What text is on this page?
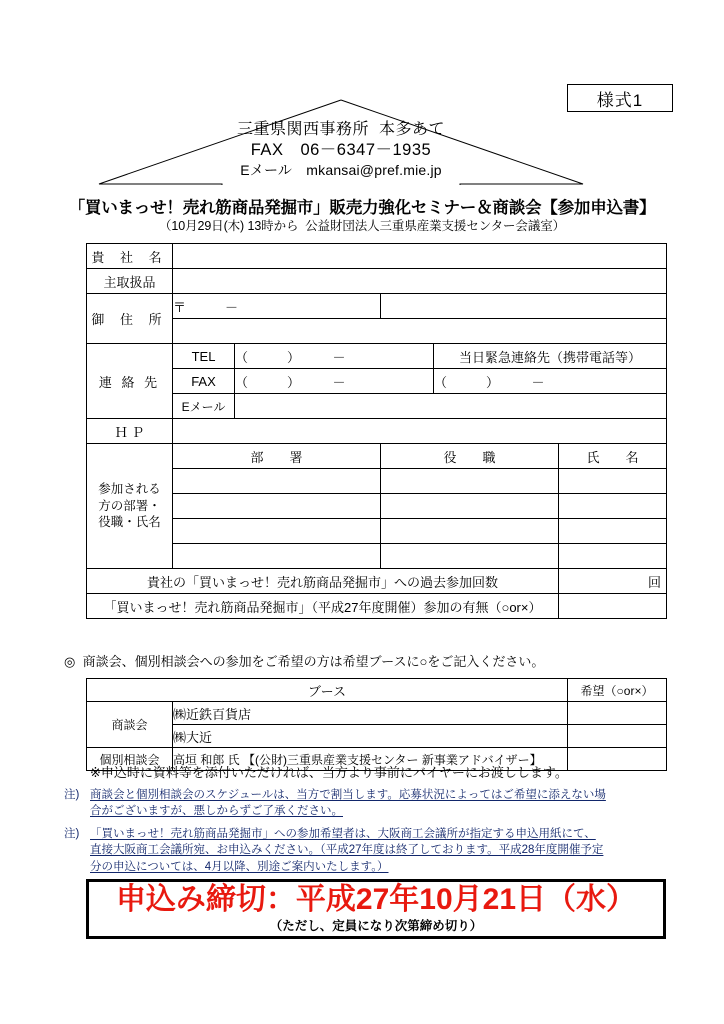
様式1
三重県関西事務所  本多あて
FAX　06－6347－1935
Eメール　mkansai@pref.mie.jp
「買いまっせ！売れ筋商品発掘市」販売力強化セミナー＆商談会【参加申込書】
（10月29日(木) 13時から  公益財団法人三重県産業支援センター会議室）
貴 社 名					
主取扱品					
御 住 所	〒　　　－				

連 絡 先	TEL	（　　　）　　　－		当日緊急連絡先（携帯電話等）	
	FAX	（　　　）　　　－		（　　　）　　　－	
	Eメール				
Ｈ Ｐ					

参加される
方の部署・
役職・氏名	部　　署		役　　職		氏　　名

貴社の「買いまっせ！売れ筋商品発掘市」への過去参加回数					回
「買いまっせ！売れ筋商品発掘市」（平成27年度開催）参加の有無（○or×）					
◎  商談会、個別相談会への参加をご希望の方は希望ブースに○をご記入ください。
ブース		希望（○or×）
商談会	㈱近鉄百貨店	
	㈱大近	
個別相談会	高垣 和郎 氏 【(公財)三重県産業支援センター 新事業アドバイザー】	
※申込時に資料等を添付いただければ、当方より事前にバイヤーにお渡しします。
注) 商談会と個別相談会のスケジュールは、当方で割当します。応募状況によってはご希望に添えない場
合がございますが、悪しからずご了承ください。
注) 「買いまっせ！売れ筋商品発掘市」への参加希望者は、大阪商工会議所が指定する申込用紙にて、
直接大阪商工会議所宛、お申込みください。（平成27年度は終了しております。平成28年度開催予定
分の申込については、4月以降、別途ご案内いたします。）
申込み締切：平成27年10月21日（水）
（ただし、定員になり次第締め切り）
